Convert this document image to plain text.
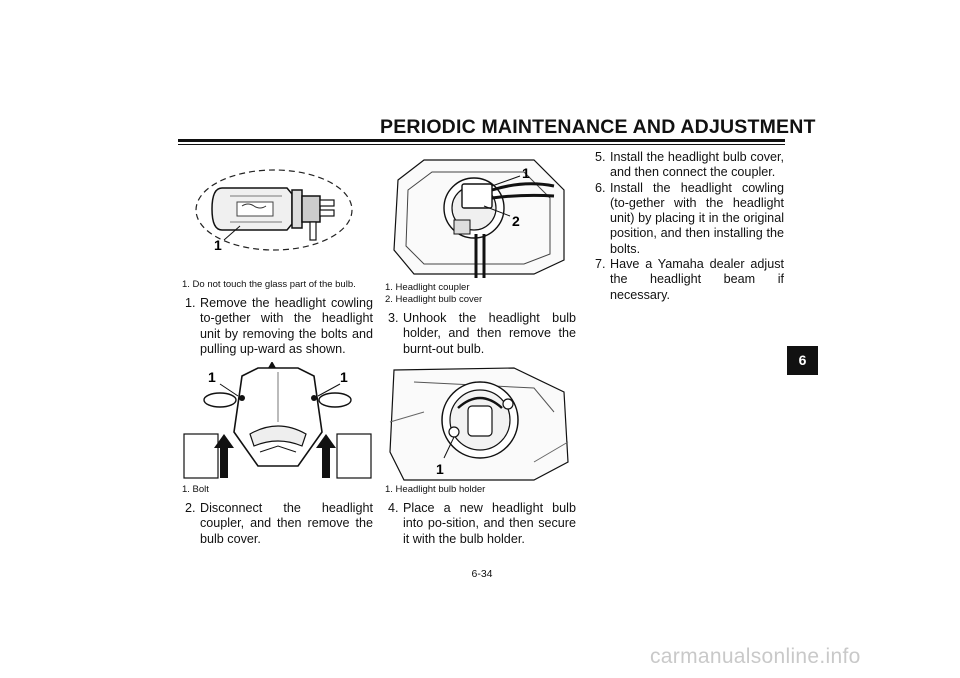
PERIODIC MAINTENANCE AND ADJUSTMENT
1
1. Do not touch the glass part of the bulb.
1. Remove the headlight cowling to-gether with the headlight unit by removing the bolts and pulling up-ward as shown.
1	1
1. Bolt
2. Disconnect the headlight coupler, and then remove the bulb cover.
1
2
1. Headlight coupler
2. Headlight bulb cover
3. Unhook the headlight bulb holder, and then remove the burnt-out bulb.
1
1. Headlight bulb holder
4. Place a new headlight bulb into po-sition, and then secure it with the bulb holder.
5. Install the headlight bulb cover, and then connect the coupler.
6. Install the headlight cowling (to-gether with the headlight unit) by placing it in the original position, and then installing the bolts.
7. Have a Yamaha dealer adjust the headlight beam if necessary.
6
6-34
carmanualsonline.info
